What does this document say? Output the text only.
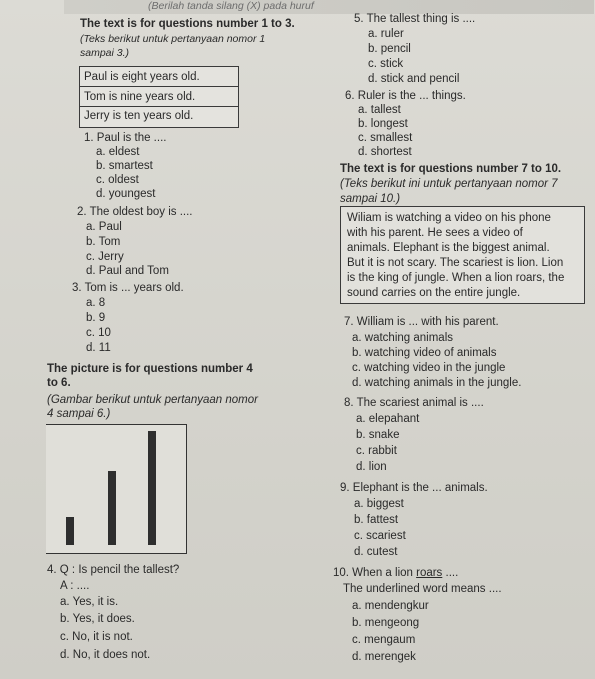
(Berilah tanda silang (X) pada huruf
The text is for questions number 1 to 3.
(Teks berikut untuk pertanyaan nomor 1
sampai 3.)
Paul is eight years old.
Tom is nine years old.
Jerry is ten years old.
1. Paul is the ....
a. eldest
b. smartest
c. oldest
d. youngest
2. The oldest boy is ....
a. Paul
b. Tom
c. Jerry
d. Paul and Tom
3. Tom is ... years old.
a. 8
b. 9
c. 10
d. 11
The picture is for questions number 4
to 6.
(Gambar berikut untuk pertanyaan nomor
4 sampai 6.)
4. Q : Is pencil the tallest?
A : ....
a. Yes, it is.
b. Yes, it does.
c. No, it is not.
d. No, it does not.
5. The tallest thing is ....
a. ruler
b. pencil
c. stick
d. stick and pencil
6. Ruler is the ... things.
a. tallest
b. longest
c. smallest
d. shortest
The text is for questions number 7 to 10.
(Teks berikut ini untuk pertanyaan nomor 7
sampai 10.)
Wiliam is watching a video on his phone
with his parent. He sees a video of
animals. Elephant is the biggest animal.
But it is not scary. The scariest is lion. Lion
is the king of jungle. When a lion roars, the
sound carries on the entire jungle.
7. William is ... with his parent.
a. watching animals
b. watching video of animals
c. watching video in the jungle
d. watching animals in the jungle.
8. The scariest animal is ....
a. elepahant
b. snake
c. rabbit
d. lion
9. Elephant is the ... animals.
a. biggest
b. fattest
c. scariest
d. cutest
10. When a lion roars ....
The underlined word means ....
a. mendengkur
b. mengeong
c. mengaum
d. merengek
